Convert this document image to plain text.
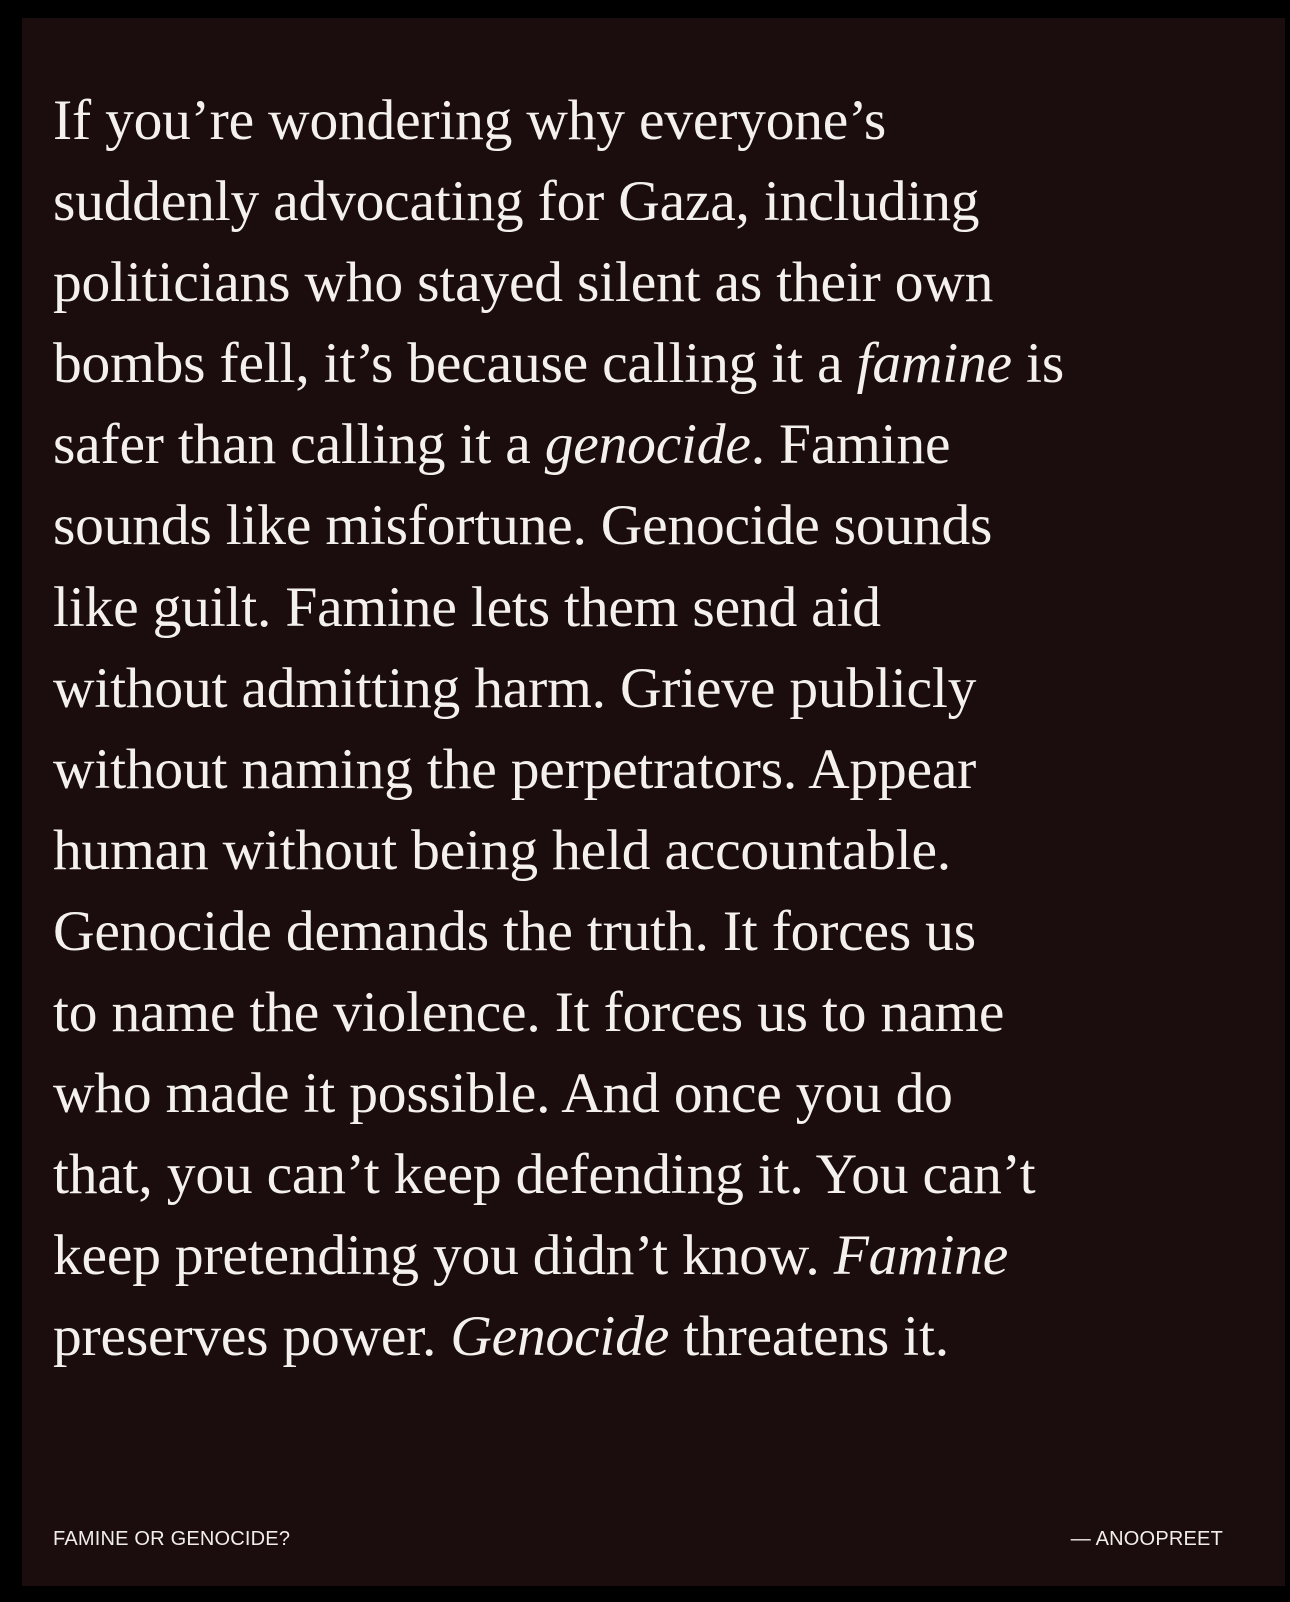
If you’re wondering why everyone’s
suddenly advocating for Gaza, including
politicians who stayed silent as their own
bombs fell, it’s because calling it a famine is
safer than calling it a genocide. Famine
sounds like misfortune. Genocide sounds
like guilt. Famine lets them send aid
without admitting harm. Grieve publicly
without naming the perpetrators. Appear
human without being held accountable.
Genocide demands the truth. It forces us
to name the violence. It forces us to name
who made it possible. And once you do
that, you can’t keep defending it. You can’t
keep pretending you didn’t know. Famine
preserves power. Genocide threatens it.

FAMINE OR GENOCIDE?	— ANOOPREET
